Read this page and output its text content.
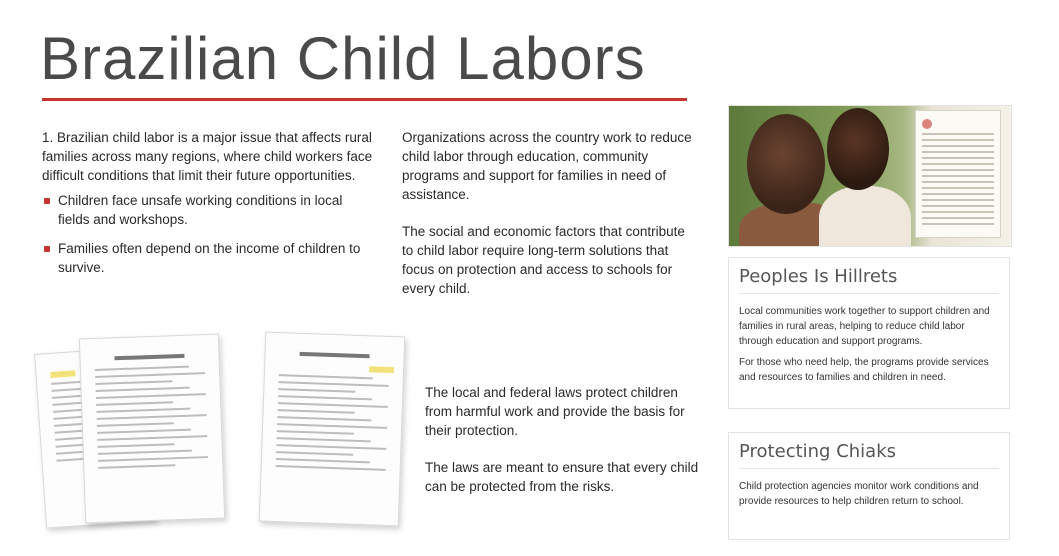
Brazilian Child Labors

1. Brazilian child labor is a major issue that affects rural families across many regions, where child workers face difficult conditions that limit their future opportunities.

Children face unsafe working conditions in local fields and workshops.
Families often depend on the income of children to survive.

Organizations across the country work to reduce child labor through education, community programs and support for families in need of assistance.

The social and economic factors that contribute to child labor require long-term solutions that focus on protection and access to schools for every child.

The local and federal laws protect children from harmful work and provide the basis for their protection.

The laws are meant to ensure that every child can be protected from the risks.

Peoples Is Hillrets

Local communities work together to support children and families in rural areas, helping to reduce child labor through education and support programs.

For those who need help, the programs provide services and resources to families and children in need.

Protecting Chiaks

Child protection agencies monitor work conditions and provide resources to help children return to school.
